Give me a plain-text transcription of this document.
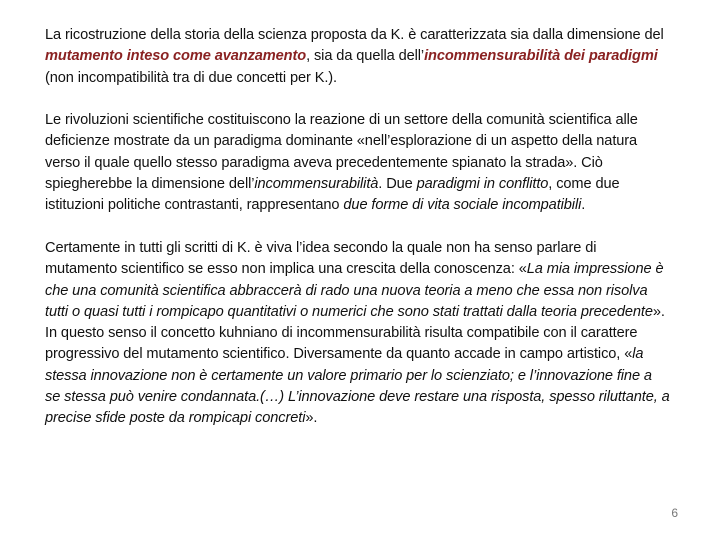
La ricostruzione della storia della scienza proposta da K. è caratterizzata sia dalla dimensione del mutamento inteso come avanzamento, sia da quella dell’incommensurabilità dei paradigmi (non incompatibilità tra di due concetti per K.).

Le rivoluzioni scientifiche costituiscono la reazione di un settore della comunità scientifica alle deficienze mostrate da un paradigma dominante «nell’esplorazione di un aspetto della natura verso il quale quello stesso paradigma aveva precedentemente spianato la strada». Ciò spiegherebbe la dimensione dell’incommensurabilità. Due paradigmi in conflitto, come due istituzioni politiche contrastanti, rappresentano due forme di vita sociale incompatibili.

Certamente in tutti gli scritti di K. è viva l’idea secondo la quale non ha senso parlare di mutamento scientifico se esso non implica una crescita della conoscenza: «La mia impressione è che una comunità scientifica abbraccerà di rado una nuova teoria a meno che essa non risolva tutti o quasi tutti i rompicapo quantitativi o numerici che sono stati trattati dalla teoria precedente». In questo senso il concetto kuhniano di incommensurabilità risulta compatibile con il carattere progressivo del mutamento scientifico. Diversamente da quanto accade in campo artistico, «la stessa innovazione non è certamente un valore primario per lo scienziato; e l’innovazione fine a se stessa può venire condannata.(…) L’innovazione deve restare una risposta, spesso riluttante, a precise sfide poste da rompicapi concreti».

6
